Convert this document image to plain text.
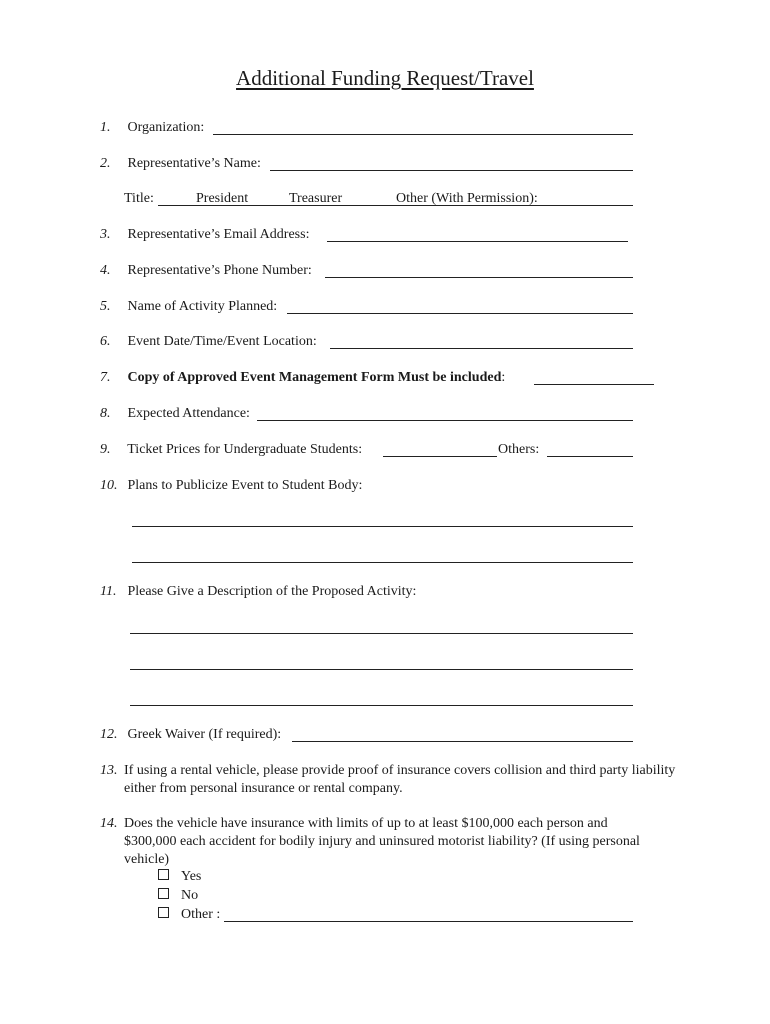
Additional Funding Request/Travel
1. Organization:
2. Representative’s Name:
Title:	President	Treasurer	Other (With Permission):
3. Representative’s Email Address:
4. Representative’s Phone Number:
5. Name of Activity Planned:
6. Event Date/Time/Event Location:
7. Copy of Approved Event Management Form Must be included:
8. Expected Attendance:
9. Ticket Prices for Undergraduate Students:	Others:
10. Plans to Publicize Event to Student Body:
11. Please Give a Description of the Proposed Activity:
12. Greek Waiver (If required):
13. If using a rental vehicle, please provide proof of insurance covers collision and third party liability either from personal insurance or rental company.
14. Does the vehicle have insurance with limits of up to at least $100,000 each person and $300,000 each accident for bodily injury and uninsured motorist liability? (If using personal vehicle)
Yes
No
Other :
